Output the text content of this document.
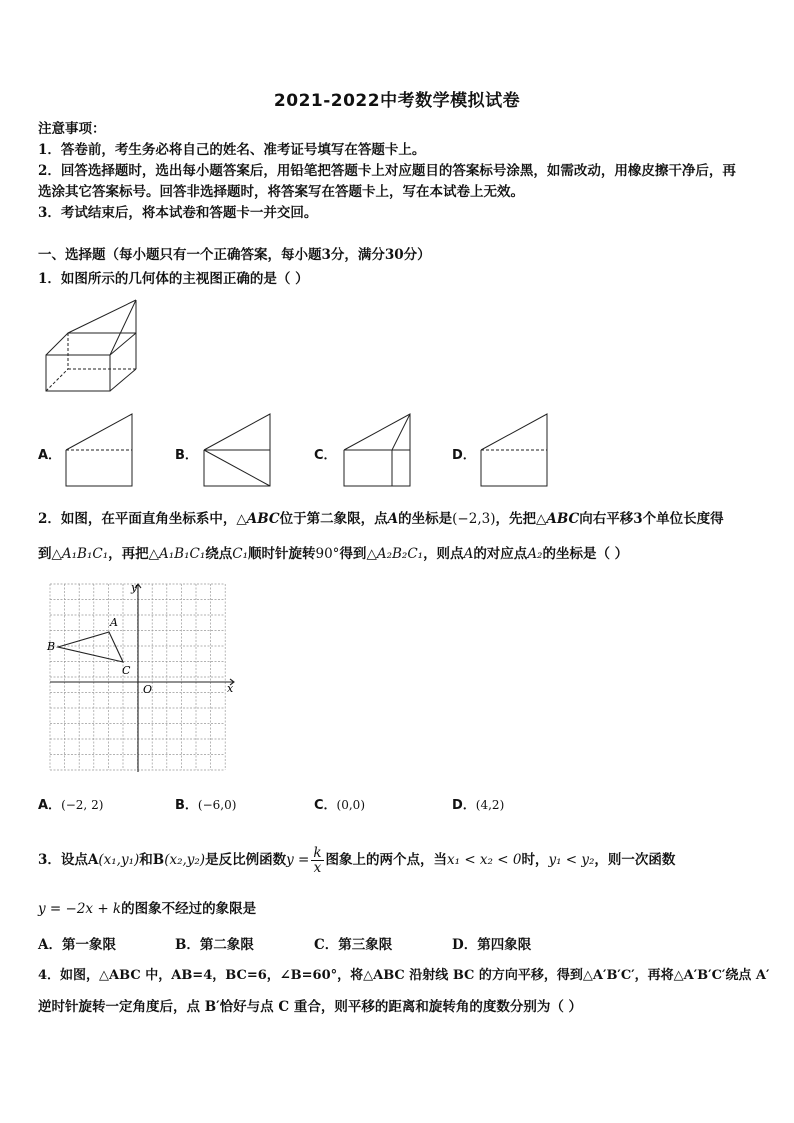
2021-2022中考数学模拟试卷
注意事项：
1．答卷前，考生务必将自己的姓名、准考证号填写在答题卡上。
2．回答选择题时，选出每小题答案后，用铅笔把答题卡上对应题目的答案标号涂黑，如需改动，用橡皮擦干净后，再
选涂其它答案标号。回答非选择题时，将答案写在答题卡上，写在本试卷上无效。
3．考试结束后，将本试卷和答题卡一并交回。
一、选择题（每小题只有一个正确答案，每小题3分，满分30分）
1．如图所示的几何体的主视图正确的是（ ）
A．	B．	C．	D．
2．如图，在平面直角坐标系中，△ABC位于第二象限，点A的坐标是(−2,3)，先把△ABC向右平移3个单位长度得
到△A₁B₁C₁，再把△A₁B₁C₁绕点C₁顺时针旋转90°得到△A₂B₂C₁，则点A的对应点A₂的坐标是（ ）
y
x
O
A
B
C
A．(−2, 2)	B．(−6,0)	C．(0,0)	D．(4,2)
3．设点A(x₁,y₁)和B(x₂,y₂)是反比例函数$y = \frac{k}{x}$ 图象上的两个点，当x₁ < x₂ < 0时，y₁ < y₂，则一次函数
y = −2x + k的图象不经过的象限是
A．第一象限	B．第二象限	C．第三象限	D．第四象限
4．如图，△ABC 中，AB=4，BC=6，∠B=60°，将△ABC 沿射线 BC 的方向平移，得到△A′B′C′，再将△A′B′C′绕点 A′
逆时针旋转一定角度后，点 B′恰好与点 C 重合，则平移的距离和旋转角的度数分别为（ ）
